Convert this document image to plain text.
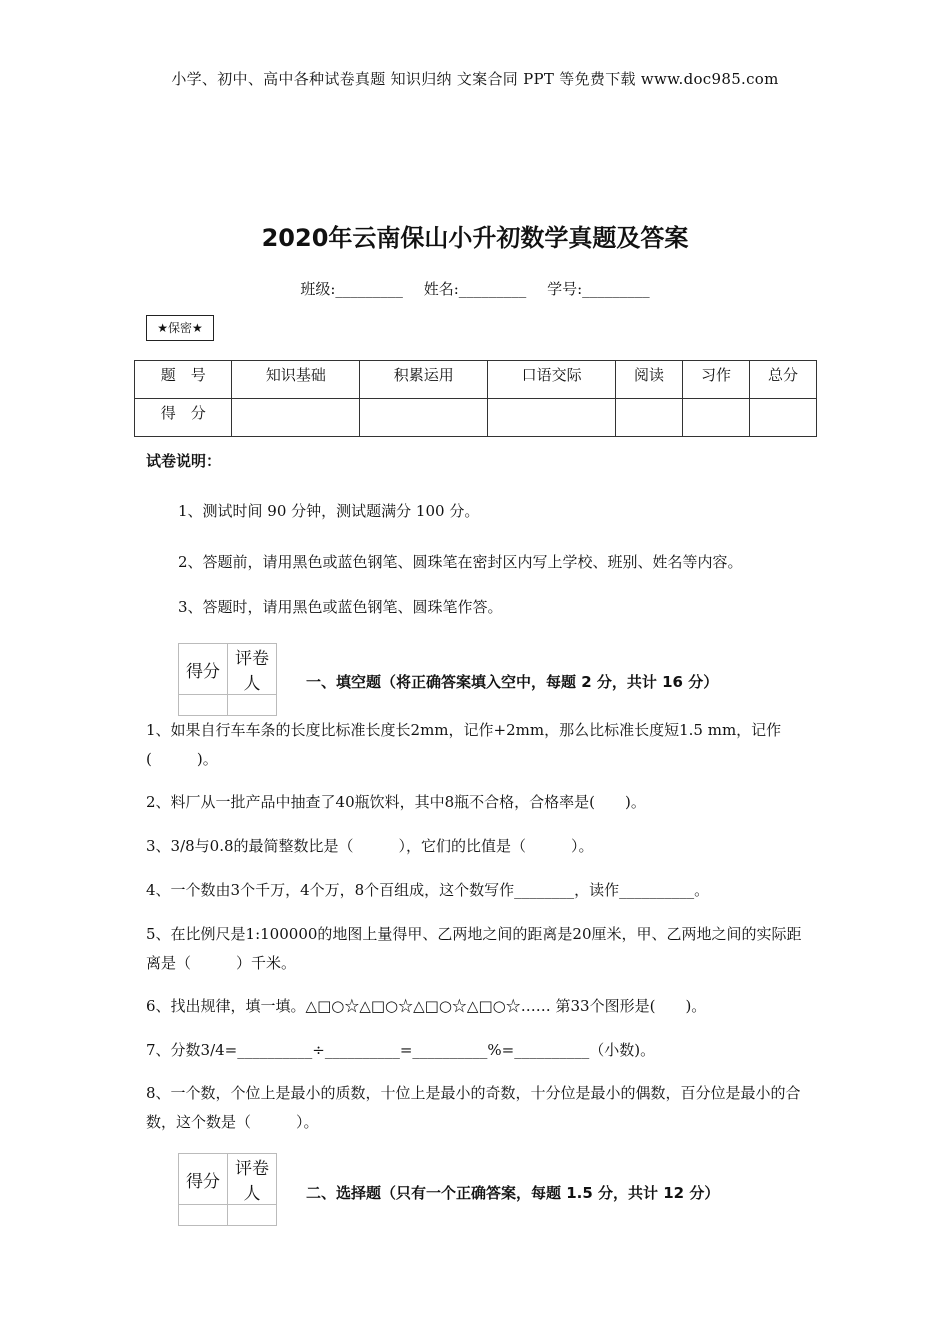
小学、初中、高中各种试卷真题 知识归纳 文案合同 PPT 等免费下载 www.doc985.com
2020年云南保山小升初数学真题及答案
班级:_________ 姓名:_________ 学号:_________
★保密★
题　号	知识基础	积累运用	口语交际	阅读	习作	总分
得　分						
试卷说明：
1、测试时间 90 分钟，测试题满分 100 分。
2、答题前，请用黑色或蓝色钢笔、圆珠笔在密封区内写上学校、班别、姓名等内容。
3、答题时，请用黑色或蓝色钢笔、圆珠笔作答。
得分	评卷人
		一、填空题（将正确答案填入空中，每题 2 分，共计 16 分）
1、如果自行车车条的长度比标准长度长2mm，记作+2mm，那么比标准长度短1.5 mm，记作(　　　)。
2、料厂从一批产品中抽查了40瓶饮料，其中8瓶不合格，合格率是(　　)。
3、3/8与0.8的最简整数比是（　　　），它们的比值是（　　　）。
4、一个数由3个千万，4个万，8个百组成，这个数写作________，读作__________。
5、在比例尺是1:100000的地图上量得甲、乙两地之间的距离是20厘米，甲、乙两地之间的实际距离是（　　　）千米。
6、找出规律，填一填。△□○☆△□○☆△□○☆△□○☆…… 第33个图形是(　　)。
7、分数3/4=__________÷__________=__________%=__________（小数)。
8、一个数，个位上是最小的质数，十位上是最小的奇数，十分位是最小的偶数，百分位是最小的合数，这个数是（　　　）。
得分	评卷人
		二、选择题（只有一个正确答案，每题 1.5 分，共计 12 分）
